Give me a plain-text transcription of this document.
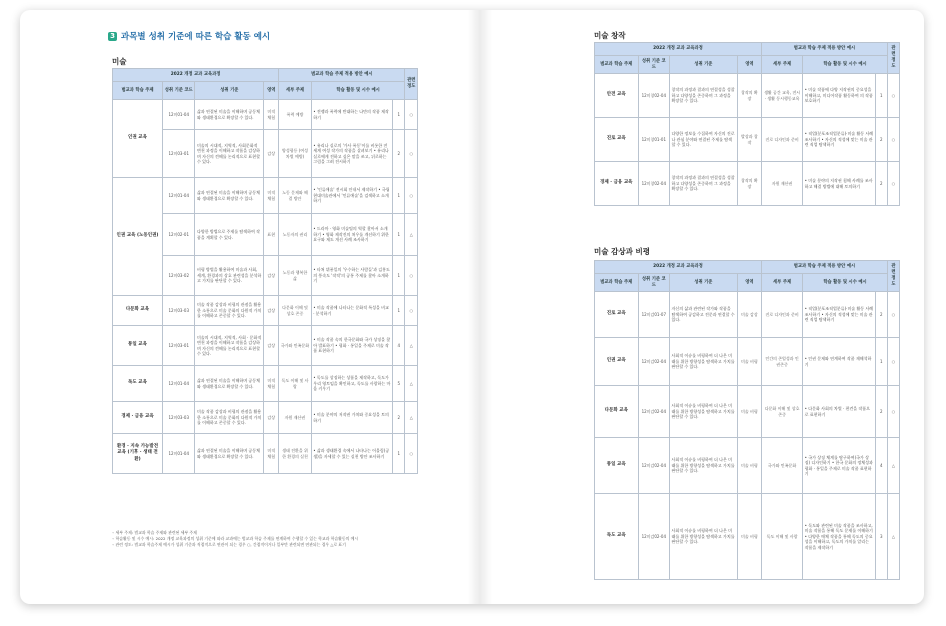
3 과목별 성취 기준에 따른 학습 활동 예시
미술
2022 개정 교과 교육과정				범교과 학습 주제 적용 방안 예시			관련 정도
범교과 학습 주제	성취 기준 코드	성취 기준	영역	세부 주제	학습 활동 및 시수 예시		
인권 교육	12미01-04	삶과 연결된 미술을 이해하며 공동체와 생태환경으로 확장할 수 있다.	미적 체험	폭력 예방	• 전쟁과 폭력에 반대하는 나만의 작품 제작하기	1	○
	12미03-01	미술의 시대적, 지역적, 사회문화적 변천 과정을 이해하고 작품을 감상하며 자신의 견해를 논리적으로 표현할 수 있다.	감상	양성평등 (여성 차별 예방)	• 유리나 실로의 '가사 폭동'이를 비롯한 전 세계 여성 작가의 작품을 살펴보기 • 유리나 실로에게 전하고 싶은 말을 쓰고, 뒤로하는 그림을 그려 전시하기	2	○
인권 교육 (노동인권)	12미01-04	삶과 연결된 미술을 이해하며 공동체와 생태환경으로 확장할 수 있다.	미적 체험	노동 문제와 해결 방안	• '인류애술' 전시회 안내서 제작하기 • 국립현대미술관에서 '인류애술'을 검색하고 소개하기	1	○
	12미02-01	다양한 방법으로 주제를 탐색하여 작품을 계획할 수 있다.	표현	노동자의 권리	• 드라마 · 영화 미술팀의 역할 찾아서 소개하기 • 영화 제작진의 처우를 개선하기 위한 요구와 제도 개선 사례 조사하기	1	△
	12미03-02	비평 방법을 활용하여 미술과 사회, 세계, 환경과의 상호 관련성을 분석하고 가치를 판단할 수 있다.	감상	노동과 행복한 삶	• 타쳐 뷔퐁일의 '우수하는 사람들'과 김홍도의 풍속도 '작적'의 공통 주제를 찾아 소개하기	1	○
다문화 교육	12미03-03	미술 작품 감상과 비평의 관점을 활용한 소통으로 미술 문화의 다원적 가치를 이해하고 존중할 수 있다.	감상	다문화 이해 및 상호 존중	• 미술 작품에 나타나는 문화적 특성을 비교 · 분석하기	1	○
통일 교육	12미03-01	미술의 시대적, 지역적, 사회 · 문화적 변천 과정을 이해하고 작품을 감상하며 자신의 견해를 논리적으로 표현할 수 있다.	감상	국가와 민족문화	• 미술 작품 속의 한국문화와 국가 상징을 찾아 발표하기 • 평화 · 통일을 주제로 미술 작품 표현하기	4	△
독도 교육	12미01-04	삶과 연결된 미술을 이해하며 공동체와 생태환경으로 확장할 수 있다.	미적 체험	독도 이해 및 사랑	• 독도를 상징하는 상품을 제작하고, 독도가 우리 영토임을 확인하고, 독도를 사랑하는 마음 키우기	5	△
경제 · 금융 교육	12미03-03	미술 작품 감상과 비평의 관점을 활용한 소통으로 미술 문화의 다원적 가치를 이해하고 존중할 수 있다.	감상	자원 재산권	• 미술 분야의 저작권 가치와 중요성을 토의하기	2	△
환경 · 지속 가능발전 교육 (기후 · 생태 전환)	12미01-04	삶과 연결된 미술을 이해하며 공동체와 생태환경으로 확장할 수 있다.	미적 체험	생태 전환을 위한 환경의 실천	• 삶과 생태환경 속에서 나타나는 어울림(공생)을 자세할 수 있는 실천 방안 조사하기	1	○

◦ 세부 주제: 범교과 학습 주제와 관련된 세부 주제

◦ 학습활동 및 시수 예시: 2022 개정 교육과정의 성취 기준에 따라 교과에는 범교과 학습 주제를 연계하여 수행할 수 있는 학교과 학습활동의 예시

◦ 관련 정도: 범교과 학습주제 예시가 성취 기준과 직접적으로 연관이 되는 경우 ○, 간접적이거나 일부만 관련되면 연관되는 경우 △로 표기

미술 창작
2022 개정 교과 교육과정				범교과 학습 주제 적용 방안 예시			관련 정도
범교과 학습 주제	성취 기준 코드	성취 기준	영역	세부 주제	학습 활동 및 시수 예시		
안전 교육	12미창02-04	창작의 과정과 결과의 연결성을 성찰하고 다양성을 존중하며 그 과정을 확장할 수 있다.	창작의 확장	생활 공간 교육, 전시 · 생활 동시행동교육	• 미술 작품에 다양 저작권의 중요성을 이해하고, 미디어작품 활동하여 의 작품 보호하기	1	○
진로 교육	12미창01-01	다양한 정보를 수집하여 자신의 진로나 관심 분야와 연결된 주제를 탐색할 수 있다.	발상과 창작	진로 디자인과 준비	• 직업(분포조직업분류)·미술 활동 사례 조사하기 • 자신의 적성에 맞는 미술 관련 직업 탐색하기	2	○
경제 · 금융 교육	12미창02-04	창작의 과정과 결과의 연결성을 성찰하고 다양성을 존중하며 그 과정을 확장할 수 있다.	창작의 확장	자원 재산권	• 미술 분야의 저작권 침해 사례를 조사하고 해결 방법에 대해 토의하기	2	○
미술 감상과 비평
2022 개정 교과 교육과정				범교과 학습 주제 적용 방안 예시			관련 정도
범교과 학습 주제	성취 기준 코드	성취 기준	영역	세부 주제	학습 활동 및 시수 예시		
진로 교육	12미감01-07	자신의 삶과 관련된 작가와 작품을 탐색하여 공감하고 전문과 연결할 수 있다.	미술 감상	진로 디자인과 준비	• 직업(분포조직업분류)·미술 활동 사례 조사하기 • 자신의 적성에 맞는 미술 관련 직업 탐색하기	2	○
인권 교육	12미감02-04	사회적 이슈를 비평하여 더 나은 미래를 위한 방향성을 탐색하고 가치를 판단할 수 있다.	미술 비평	인간의 존엄성과 인권존중	• 인권 문제와 연계하여 작품 재해석하기	1	○
다문화 교육	12미감02-04	사회적 이슈를 비평하여 더 나은 미래를 위한 방향성을 탐색하고 가치를 판단할 수 있다.	미술 비평	다문화 이해 및 상호 존중	• 다문화 사회의 차별 · 편견을 작품으로 표현하기	2	○
통일 교육	12미감02-04	사회적 이슈를 비평하여 더 나은 미래를 위한 방향성을 탐색하고 가치를 판단할 수 있다.	미술 비평	국가와 민족문화	• 국가 상징 체계를 탐구하여(국가 상징) 디자인하기 • 한국 문화의 정체성과 평화 · 통일을 주제로 미술 작품 표현하기	4	△
독도 교육	12미감02-04	사회적 이슈를 비평하여 더 나은 미래를 위한 방향성을 탐색하고 가치를 판단할 수 있다.	미술 비평	독도 이해 및 사랑	• 독도와 관련된 미술 작품을 조사하고, 미술 작품을 통해 독도 문제를 이해하기 • 다양한 매체 작품을 통해 독도의 중요성을 이해하고, 독도의 가치를 알리는 작품을 제작하기	3	△
